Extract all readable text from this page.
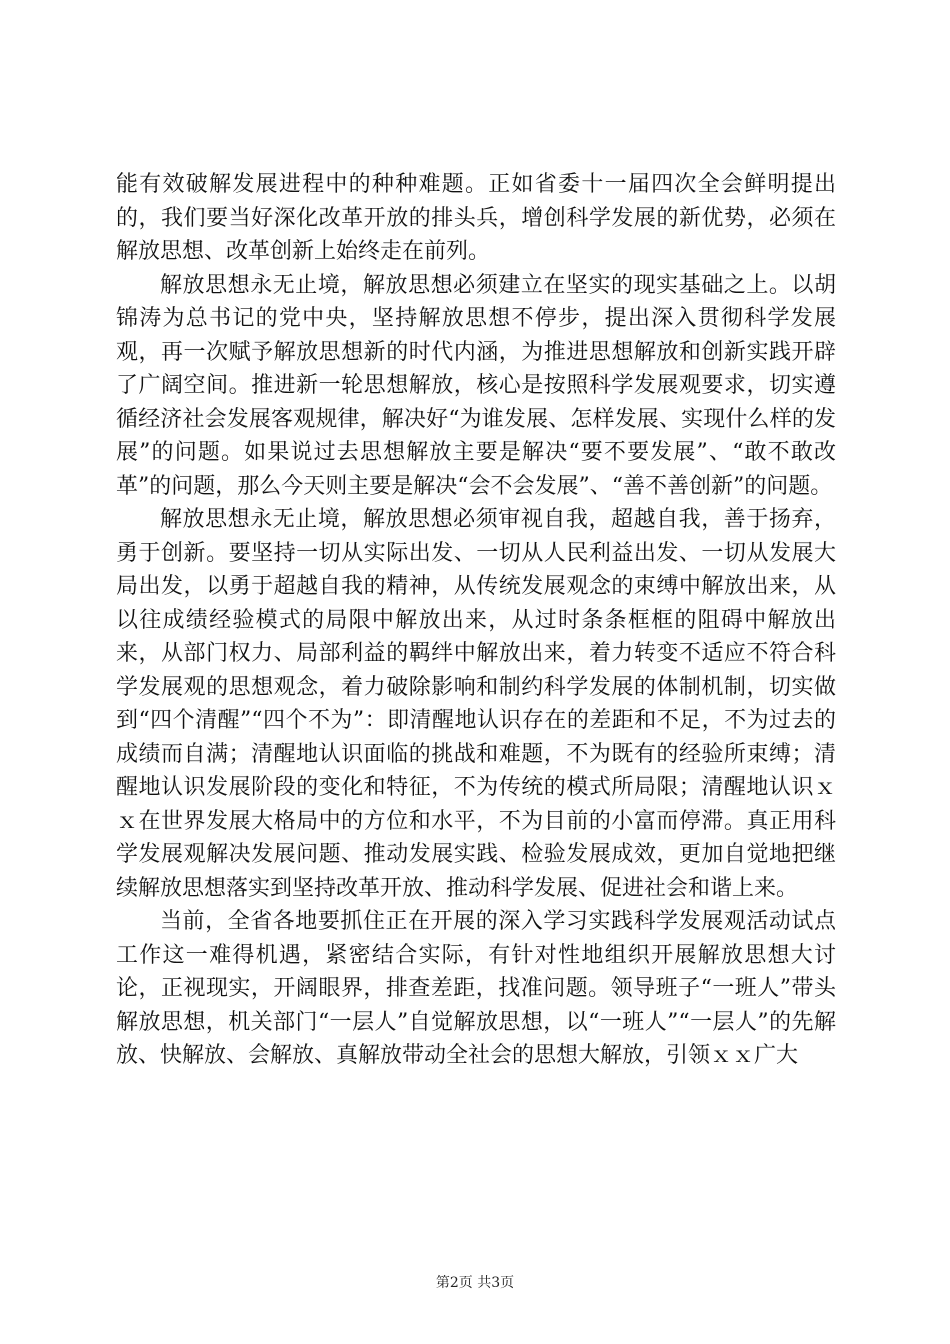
能有效破解发展进程中的种种难题。正如省委十一届四次全会鲜明提出的，我们要当好深化改革开放的排头兵，增创科学发展的新优势，必须在解放思想、改革创新上始终走在前列。

解放思想永无止境，解放思想必须建立在坚实的现实基础之上。以胡锦涛为总书记的党中央，坚持解放思想不停步，提出深入贯彻科学发展观，再一次赋予解放思想新的时代内涵，为推进思想解放和创新实践开辟了广阔空间。推进新一轮思想解放，核心是按照科学发展观要求，切实遵循经济社会发展客观规律，解决好“为谁发展、怎样发展、实现什么样的发展”的问题。如果说过去思想解放主要是解决“要不要发展”、“敢不敢改革”的问题，那么今天则主要是解决“会不会发展”、“善不善创新”的问题。

解放思想永无止境，解放思想必须审视自我，超越自我，善于扬弃，勇于创新。要坚持一切从实际出发、一切从人民利益出发、一切从发展大局出发，以勇于超越自我的精神，从传统发展观念的束缚中解放出来，从以往成绩经验模式的局限中解放出来，从过时条条框框的阻碍中解放出来，从部门权力、局部利益的羁绊中解放出来，着力转变不适应不符合科学发展观的思想观念，着力破除影响和制约科学发展的体制机制，切实做到“四个清醒”“四个不为”：即清醒地认识存在的差距和不足，不为过去的成绩而自满；清醒地认识面临的挑战和难题，不为既有的经验所束缚；清醒地认识发展阶段的变化和特征，不为传统的模式所局限；清醒地认识ｘｘ在世界发展大格局中的方位和水平，不为目前的小富而停滞。真正用科学发展观解决发展问题、推动发展实践、检验发展成效，更加自觉地把继续解放思想落实到坚持改革开放、推动科学发展、促进社会和谐上来。

当前，全省各地要抓住正在开展的深入学习实践科学发展观活动试点工作这一难得机遇，紧密结合实际，有针对性地组织开展解放思想大讨论，正视现实，开阔眼界，排查差距，找准问题。领导班子“一班人”带头解放思想，机关部门“一层人”自觉解放思想，以“一班人”“一层人”的先解放、快解放、会解放、真解放带动全社会的思想大解放，引领ｘｘ广大

第2页 共3页
